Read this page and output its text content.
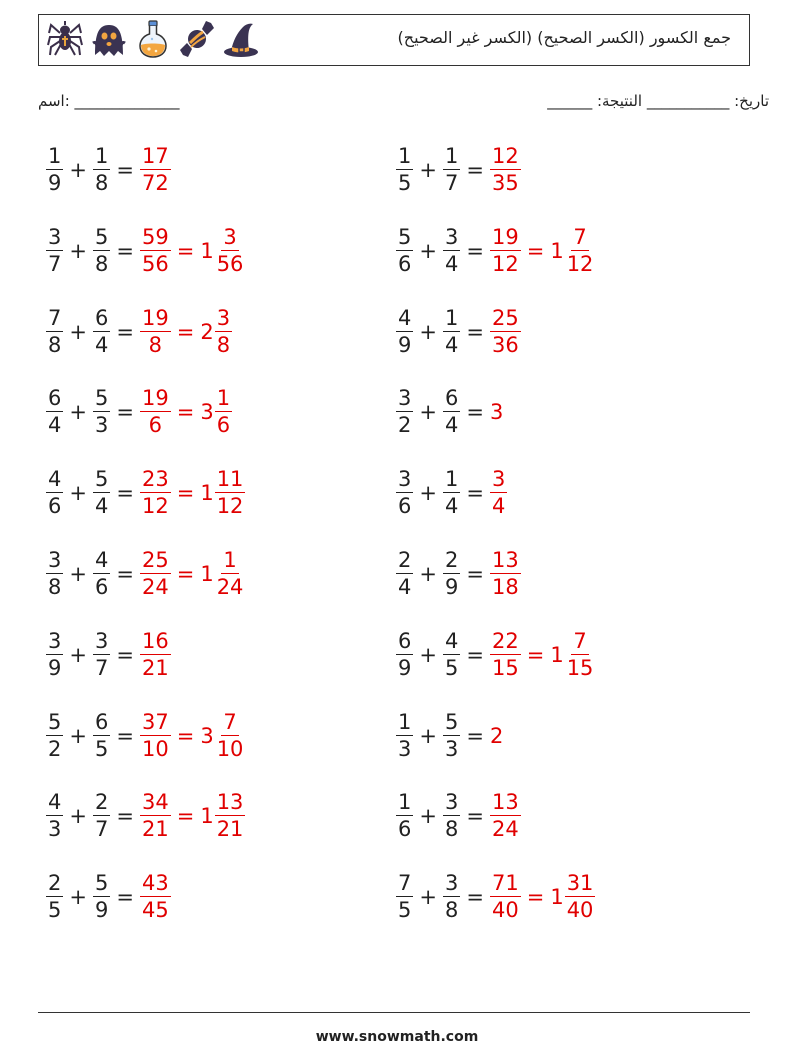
جمع الكسور (الكسر الصحيح) (الكسر غير الصحيح)
اسم: ______________	______ :تاريخ: ___________ النتيجة
$\frac{1}{9} + \frac{1}{8} = \frac{17}{72}$	$\frac{1}{5} + \frac{1}{7} = \frac{12}{35}$
$\frac{3}{7} + \frac{5}{8} = \frac{59}{56} = 1 \frac{3}{56}$	$\frac{5}{6} + \frac{3}{4} = \frac{19}{12} = 1 \frac{7}{12}$
$\frac{7}{8} + \frac{6}{4} = \frac{19}{8} = 2 \frac{3}{8}$	$\frac{4}{9} + \frac{1}{4} = \frac{25}{36}$
$\frac{6}{4} + \frac{5}{3} = \frac{19}{6} = 3 \frac{1}{6}$	$\frac{3}{2} + \frac{6}{4} = 3$
$\frac{4}{6} + \frac{5}{4} = \frac{23}{12} = 1 \frac{11}{12}$	$\frac{3}{6} + \frac{1}{4} = \frac{3}{4}$
$\frac{3}{8} + \frac{4}{6} = \frac{25}{24} = 1 \frac{1}{24}$	$\frac{2}{4} + \frac{2}{9} = \frac{13}{18}$
$\frac{3}{9} + \frac{3}{7} = \frac{16}{21}$	$\frac{6}{9} + \frac{4}{5} = \frac{22}{15} = 1 \frac{7}{15}$
$\frac{5}{2} + \frac{6}{5} = \frac{37}{10} = 3 \frac{7}{10}$	$\frac{1}{3} + \frac{5}{3} = 2$
$\frac{4}{3} + \frac{2}{7} = \frac{34}{21} = 1 \frac{13}{21}$	$\frac{1}{6} + \frac{3}{8} = \frac{13}{24}$
$\frac{2}{5} + \frac{5}{9} = \frac{43}{45}$	$\frac{7}{5} + \frac{3}{8} = \frac{71}{40} = 1 \frac{31}{40}$
www.snowmath.com
